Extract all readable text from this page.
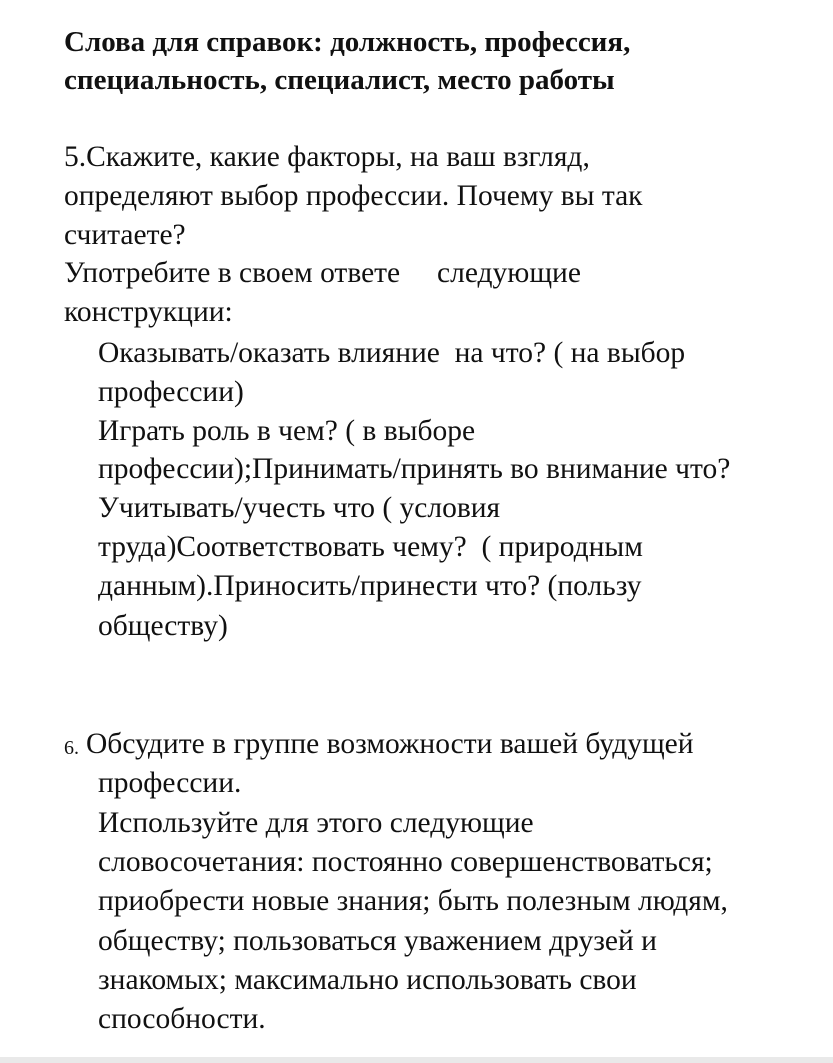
Слова для справок: должность, профессия,
специальность, специалист, место работы
5.Скажите, какие факторы, на ваш взгляд,
определяют выбор профессии. Почему вы так
считаете?
Употребите в своем ответе     следующие
конструкции:
Оказывать/оказать влияние  на что? ( на выбор
профессии)
Играть роль в чем? ( в выборе
профессии);Принимать/принять во внимание что?
Учитывать/учесть что ( условия
труда)Соответствовать чему?  ( природным
данным).Приносить/принести что? (пользу
обществу)
6. Обсудите в группе возможности вашей будущей
профессии.
Используйте для этого следующие
словосочетания: постоянно совершенствоваться;
приобрести новые знания; быть полезным людям,
обществу; пользоваться уважением друзей и
знакомых; максимально использовать свои
способности.
